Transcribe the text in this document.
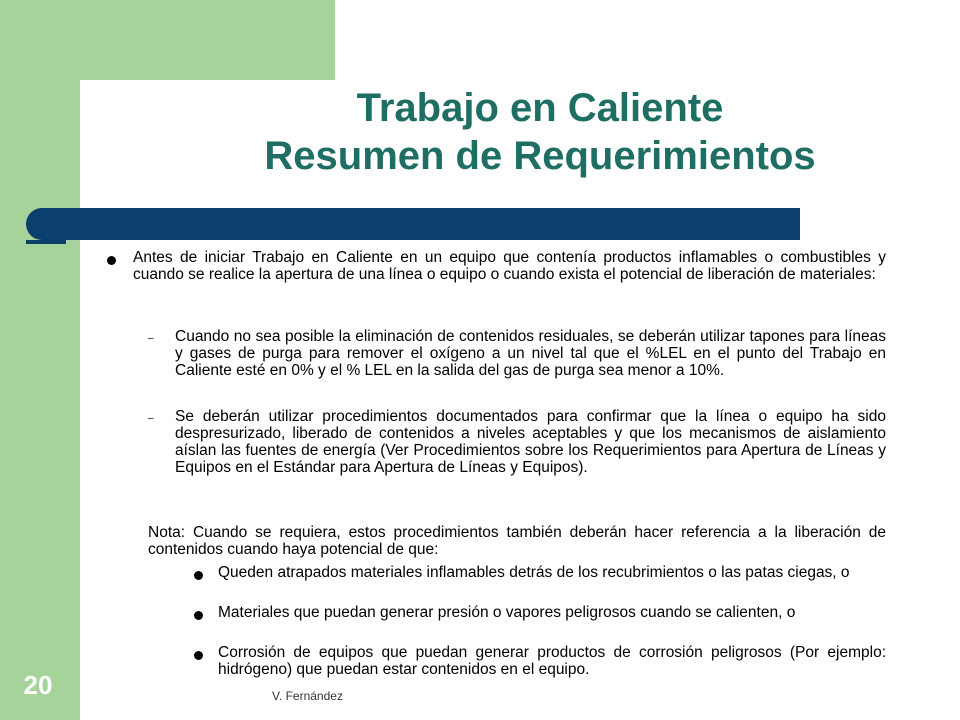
Trabajo en Caliente
Resumen de Requerimientos
Antes de iniciar Trabajo en Caliente en un equipo que contenía productos inflamables o combustibles y cuando se realice la apertura de una línea o equipo o cuando exista el potencial de liberación de materiales:
– Cuando no sea posible la eliminación de contenidos residuales, se deberán utilizar tapones para líneas y gases de purga para remover el oxígeno a un nivel tal que el %LEL en el punto del Trabajo en Caliente esté en 0% y el % LEL en la salida del gas de purga sea menor a 10%.
– Se deberán utilizar procedimientos documentados para confirmar que la línea o equipo ha sido despresurizado, liberado de contenidos a niveles aceptables y que los mecanismos de aislamiento aíslan las fuentes de energía (Ver Procedimientos sobre los Requerimientos para Apertura de Líneas y Equipos en el Estándar para Apertura de Líneas y Equipos).
Nota: Cuando se requiera, estos procedimientos también deberán hacer referencia a la liberación de contenidos cuando haya potencial de que:
Queden atrapados materiales inflamables detrás de los recubrimientos o las patas ciegas, o
Materiales que puedan generar presión o vapores peligrosos cuando se calienten, o
Corrosión de equipos que puedan generar productos de corrosión peligrosos (Por ejemplo: hidrógeno) que puedan estar contenidos en el equipo.
20	V. Fernández
